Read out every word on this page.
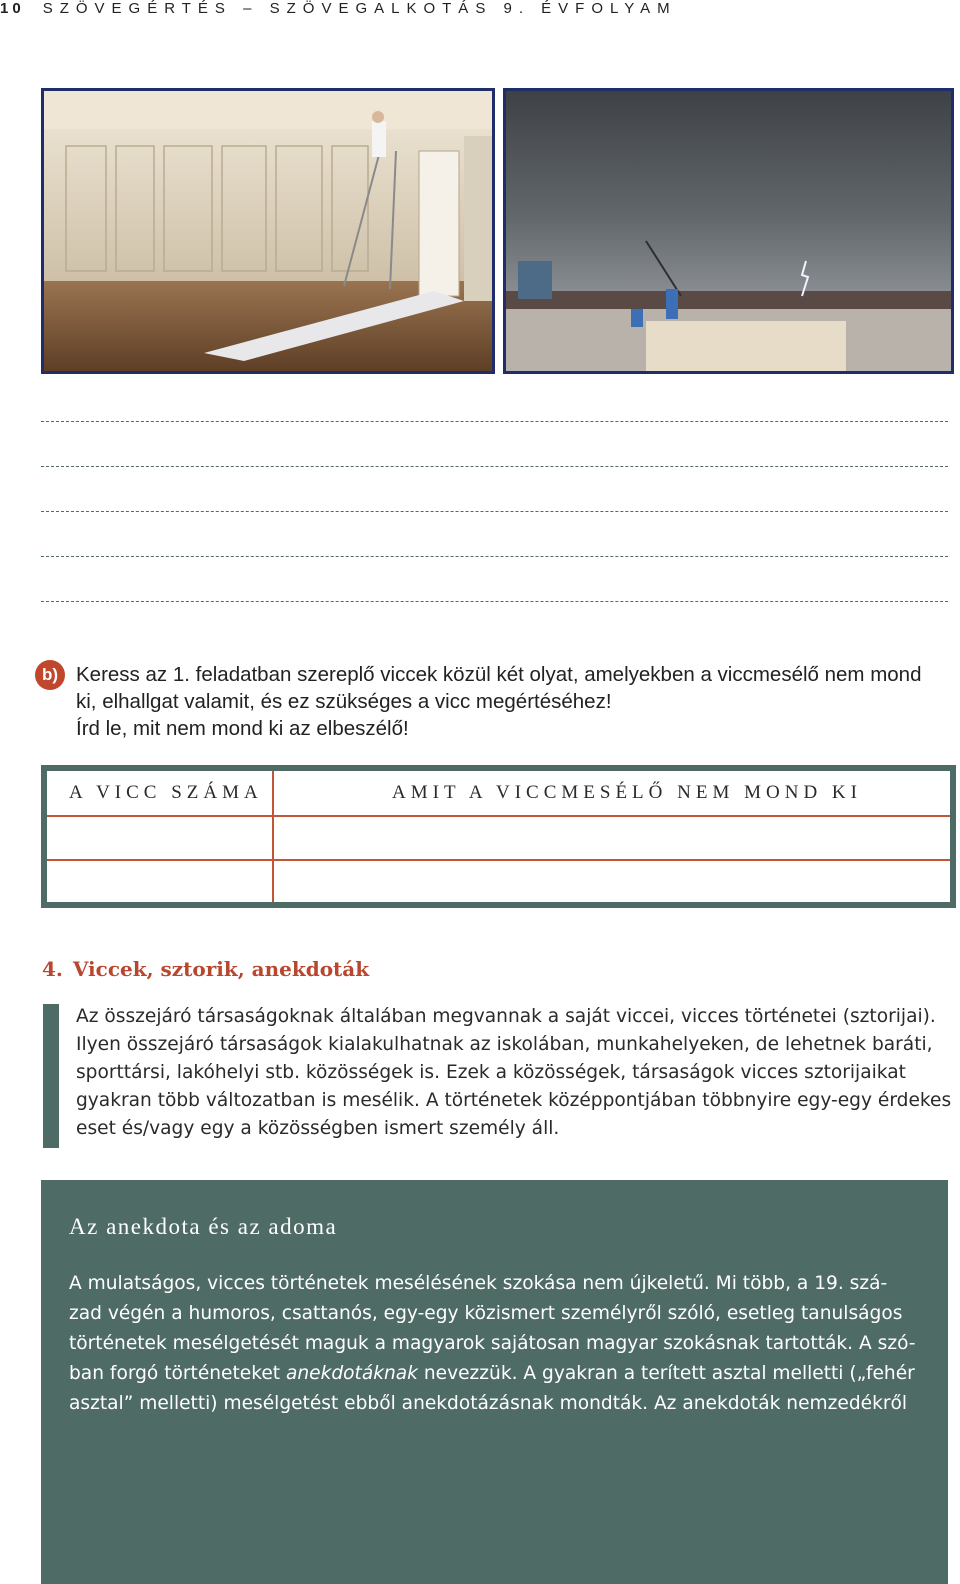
10 SZÖVEGÉRTÉS – SZÖVEGALKOTÁS 9. ÉVFOLYAM
b) Keress az 1. feladatban szereplő viccek közül két olyat, amelyekben a viccmesélő nem mond
ki, elhallgat valamit, és ez szükséges a vicc megértéséhez!
Írd le, mit nem mond ki az elbeszélő!
A VICC SZÁMA	AMIT A VICCMESÉLŐ NEM MOND KI
4. Viccek, sztorik, anekdoták
Az összejáró társaságoknak általában megvannak a saját viccei, vicces történetei (sztorijai).
Ilyen összejáró társaságok kialakulhatnak az iskolában, munkahelyeken, de lehetnek baráti,
sporttársi, lakóhelyi stb. közösségek is. Ezek a közösségek, társaságok vicces sztorijaikat
gyakran több változatban is mesélik. A történetek középpontjában többnyire egy-egy érdekes
eset és/vagy egy a közösségben ismert személy áll.
Az anekdota és az adoma
A mulatságos, vicces történetek mesélésének szokása nem újkeletű. Mi több, a 19. szá-
zad végén a humoros, csattanós, egy-egy közismert személyről szóló, esetleg tanulságos
történetek mesélgetését maguk a magyarok sajátosan magyar szokásnak tartották. A szó-
ban forgó történeteket anekdotáknak nevezzük. A gyakran a terített asztal melletti („fehér
asztal” melletti) mesélgetést ebből anekdotázásnak mondták. Az anekdoták nemzedékről
